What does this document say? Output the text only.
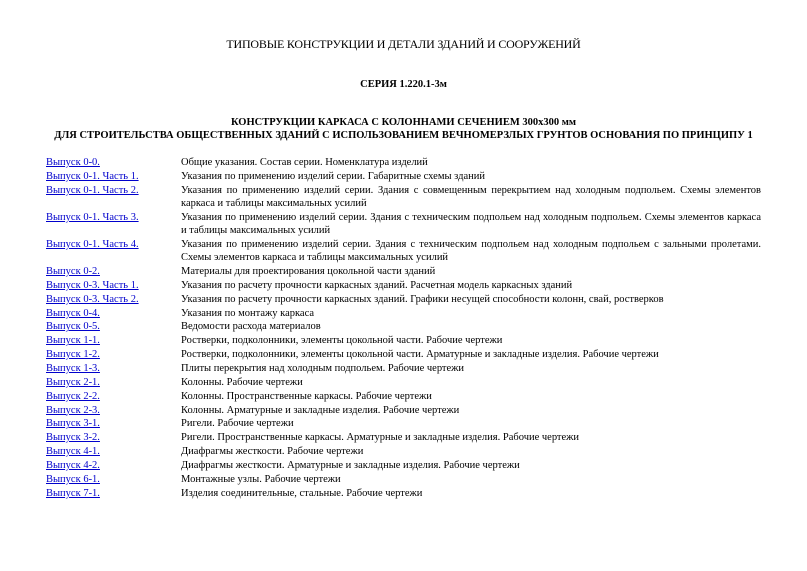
ТИПОВЫЕ КОНСТРУКЦИИ И ДЕТАЛИ ЗДАНИЙ И СООРУЖЕНИЙ
СЕРИЯ 1.220.1-3м
КОНСТРУКЦИИ КАРКАСА С КОЛОННАМИ СЕЧЕНИЕМ 300х300 мм
ДЛЯ СТРОИТЕЛЬСТВА ОБЩЕСТВЕННЫХ ЗДАНИЙ С ИСПОЛЬЗОВАНИЕМ ВЕЧНОМЕРЗЛЫХ ГРУНТОВ ОСНОВАНИЯ ПО ПРИНЦИПУ 1
Выпуск 0-0.	Общие указания. Состав серии. Номенклатура изделий
Выпуск 0-1. Часть 1.	Указания по применению изделий серии. Габаритные схемы зданий
Выпуск 0-1. Часть 2.	Указания по применению изделий серии. Здания с совмещенным перекрытием над холодным подпольем. Схемы элементов каркаса и таблицы максимальных усилий
Выпуск 0-1. Часть 3.	Указания по применению изделий серии. Здания с техническим подпольем над холодным подпольем. Схемы элементов каркаса и таблицы максимальных усилий
Выпуск 0-1. Часть 4.	Указания по применению изделий серии. Здания с техническим подпольем над холодным подпольем с зальными пролетами. Схемы элементов каркаса и таблицы максимальных усилий
Выпуск 0-2.	Материалы для проектирования цокольной части зданий
Выпуск 0-3. Часть 1.	Указания по расчету прочности каркасных зданий. Расчетная модель каркасных зданий
Выпуск 0-3. Часть 2.	Указания по расчету прочности каркасных зданий. Графики несущей способности колонн, свай, ростверков
Выпуск 0-4.	Указания по монтажу каркаса
Выпуск 0-5.	Ведомости расхода материалов
Выпуск 1-1.	Ростверки, подколонники, элементы цокольной части. Рабочие чертежи
Выпуск 1-2.	Ростверки, подколонники, элементы цокольной части. Арматурные и закладные изделия. Рабочие чертежи
Выпуск 1-3.	Плиты перекрытия над холодным подпольем. Рабочие чертежи
Выпуск 2-1.	Колонны. Рабочие чертежи
Выпуск 2-2.	Колонны. Пространственные каркасы. Рабочие чертежи
Выпуск 2-3.	Колонны. Арматурные и закладные изделия. Рабочие чертежи
Выпуск 3-1.	Ригели. Рабочие чертежи
Выпуск 3-2.	Ригели. Пространственные каркасы. Арматурные и закладные изделия. Рабочие чертежи
Выпуск 4-1.	Диафрагмы жесткости. Рабочие чертежи
Выпуск 4-2.	Диафрагмы жесткости. Арматурные и закладные изделия. Рабочие чертежи
Выпуск 6-1.	Монтажные узлы. Рабочие чертежи
Выпуск 7-1.	Изделия соединительные, стальные. Рабочие чертежи
